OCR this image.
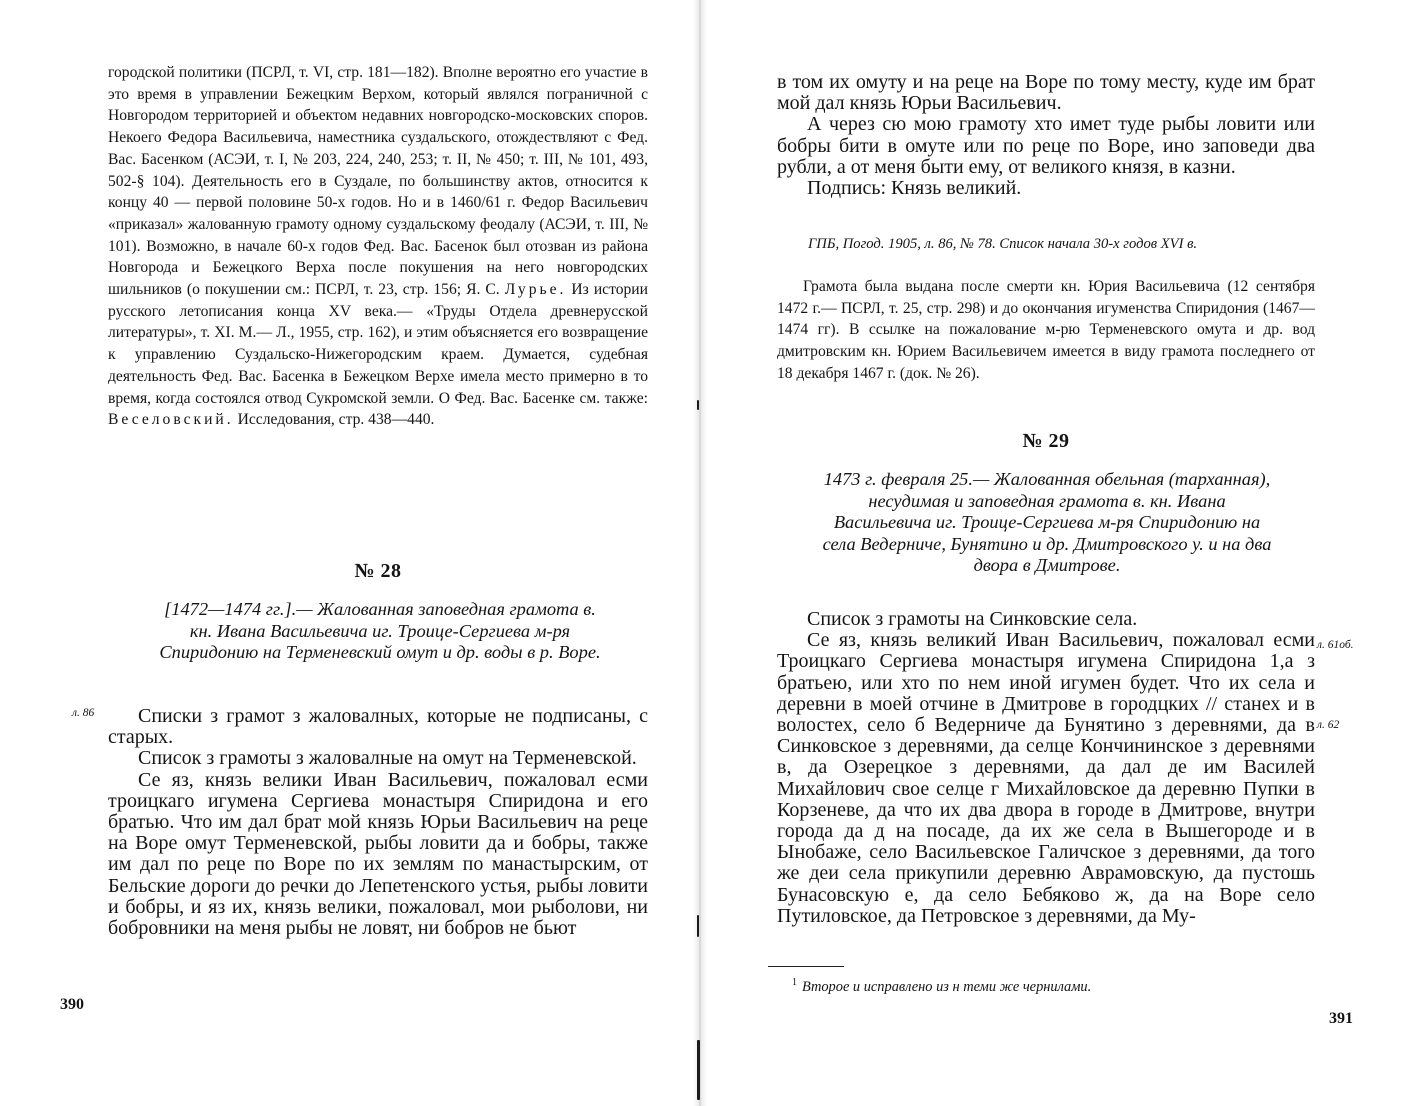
городской политики (ПСРЛ, т. VI, стр. 181—182). Вполне вероятно его участие в это время в управлении Бежецким Верхом, который являлся пограничной с Новгородом территорией и объектом недавних новгородско-московских споров. Некоего Федора Васильевича, наместника суздальского, отождествляют с Фед. Вас. Басенком (АСЭИ, т. I, № 203, 224, 240, 253; т. II, № 450; т. III, № 101, 493, 502-§ 104). Деятельность его в Суздале, по большинству актов, относится к концу 40 — первой половине 50-х годов. Но и в 1460/61 г. Федор Васильевич «приказал» жалованную грамоту одному суздальскому феодалу (АСЭИ, т. III, № 101). Возможно, в начале 60-х годов Фед. Вас. Басенок был отозван из района Новгорода и Бежецкого Верха после покушения на него новгородских шильников (о покушении см.: ПСРЛ, т. 23, стр. 156; Я. С. Лурье. Из истории русского летописания конца XV века.— «Труды Отдела древнерусской литературы», т. XI. М.— Л., 1955, стр. 162), и этим объясняется его возвращение к управлению Суздальско-Нижегородским краем. Думается, судебная деятельность Фед. Вас. Басенка в Бежецком Верхе имела место примерно в то время, когда состоялся отвод Сукромской земли. О Фед. Вас. Басенке см. также: Веселовский. Исследования, стр. 438—440.

№ 28
[1472—1474 гг.].— Жалованная заповедная грамота в. кн. Ивана Васильевича иг. Троице-Сергиева м-ря Спиридонию на Терменевский омут и др. воды в р. Воре.
л. 86	Списки з грамот з жаловалных, которые не подписаны, с старых.

Список з грамоты з жаловалные на омут на Терменевской.

Се яз, князь велики Иван Васильевич, пожаловал есми троицкаго игумена Сергиева монастыря Спиридона и его братью. Что им дал брат мой князь Юрьи Васильевич на реце на Воре омут Терменевской, рыбы ловити да и бобры, также им дал по реце по Воре по их землям по манастырским, от Бельские дороги до речки до Лепетенского устья, рыбы ловити и бобры, и яз их, князь велики, пожаловал, мои рыболови, ни бобровники на меня рыбы не ловят, ни бобров не бьют

390

в том их омуту и на реце на Воре по тому месту, куде им брат мой дал князь Юрьи Васильевич.

А через сю мою грамоту хто имет туде рыбы ловити или бобры бити в омуте или по реце по Воре, ино заповеди два рубли, а от меня быти ему, от великого князя, в казни.

Подпись: Князь великий.

ГПБ, Погод. 1905, л. 86, № 78. Список начала 30-х годов XVI в.

Грамота была выдана после смерти кн. Юрия Васильевича (12 сентября 1472 г.— ПСРЛ, т. 25, стр. 298) и до окончания игуменства Спиридония (1467—1474 гг). В ссылке на пожалование м-рю Терменевского омута и др. вод дмитровским кн. Юрием Васильевичем имеется в виду грамота последнего от 18 декабря 1467 г. (док. № 26).

№ 29
1473 г. февраля 25.— Жалованная обельная (тарханная), несудимая и заповедная грамота в. кн. Ивана Васильевича иг. Троице-Сергиева м-ря Спиридонию на села Ведерниче, Бунятино и др. Дмитровского у. и на два двора в Дмитрове.

Список з грамоты на Синковские села.

Се яз, князь великий Иван Васильевич, пожаловал есми Троицкаго Сергиева монастыря игумена Спиридона 1,а з братьею, или хто по нем иной игумен будет. Что их села и деревни в моей отчине в Дмитрове в городцких // станех и в волостех, село б Ведерниче да Бунятино з деревнями, да в Синковское з деревнями, да селце Кончининское з деревнями в, да Озерецкое з деревнями, да дал де им Василей Михайлович свое селце г Михайловское да деревню Пупки в Корзеневе, да что их два двора в городе в Дмитрове, внутри города да д на посаде, да их же села в Вышегороде и в Ынобаже, село Васильевское Галичское з деревнями, да того же деи села прикупили деревню Аврамовскую, да пустошь Бунасовскую е, да село Бебяково ж, да на Воре село Путиловское, да Петровское з деревнями, да Му-

л. 61об.
л. 62
$^1$ Второе и исправлено из н теми же чернилами.
391
